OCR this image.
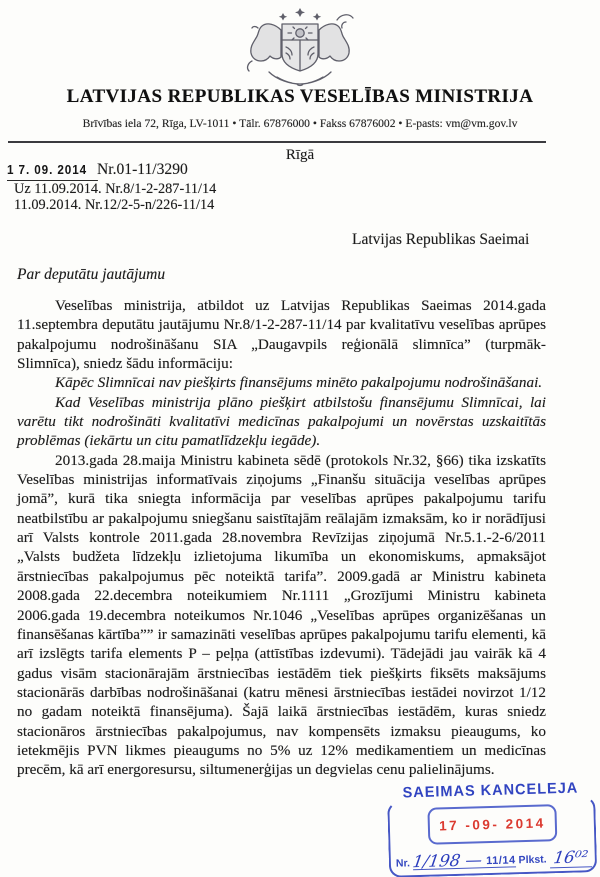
LATVIJAS REPUBLIKAS VESELĪBAS MINISTRIJA
Brīvības iela 72, Rīga, LV-1011 • Tālr. 67876000 • Fakss 67876002 • E-pasts: vm@vm.gov.lv
Rīgā
1 7. 09. 2014 Nr.01-11/3290
Uz 11.09.2014. Nr.8/1-2-287-11/14
11.09.2014. Nr.12/2-5-n/226-11/14
Latvijas Republikas Saeimai
Par deputātu jautājumu

Veselības ministrija, atbildot uz Latvijas Republikas Saeimas 2014.gada 11.septembra deputātu jautājumu Nr.8/1-2-287-11/14 par kvalitatīvu veselības aprūpes pakalpojumu nodrošināšanu SIA „Daugavpils reģionālā slimnīca” (turpmāk- Slimnīca), sniedz šādu informāciju:

Kāpēc Slimnīcai nav piešķirts finansējums minēto pakalpojumu nodrošināšanai.

Kad Veselības ministrija plāno piešķirt atbilstošu finansējumu Slimnīcai, lai varētu tikt nodrošināti kvalitatīvi medicīnas pakalpojumi un novērstas uzskaitītās problēmas (iekārtu un citu pamatlīdzekļu iegāde).

2013.gada 28.maija Ministru kabineta sēdē (protokols Nr.32, §66) tika izskatīts Veselības ministrijas informatīvais ziņojums „Finanšu situācija veselības aprūpes jomā”, kurā tika sniegta informācija par veselības aprūpes pakalpojumu tarifu neatbilstību ar pakalpojumu sniegšanu saistītajām reālajām izmaksām, ko ir norādījusi arī Valsts kontrole 2011.gada 28.novembra Revīzijas ziņojumā Nr.5.1.-2-6/2011 „Valsts budžeta līdzekļu izlietojuma likumība un ekonomiskums, apmaksājot ārstniecības pakalpojumus pēc noteiktā tarifa”. 2009.gadā ar Ministru kabineta 2008.gada 22.decembra noteikumiem Nr.1111 „Grozījumi Ministru kabineta 2006.gada 19.decembra noteikumos Nr.1046 „Veselības aprūpes organizēšanas un finansēšanas kārtība”” ir samazināti veselības aprūpes pakalpojumu tarifu elementi, kā arī izslēgts tarifa elements P – peļņa (attīstības izdevumi). Tādejādi jau vairāk kā 4 gadus visām stacionārajām ārstniecības iestādēm tiek piešķirts fiksēts maksājums stacionārās darbības nodrošināšanai (katru mēnesi ārstniecības iestādei novirzot 1/12 no gadam noteiktā finansējuma). Šajā laikā ārstniecības iestādēm, kuras sniedz stacionāros ārstniecības pakalpojumus, nav kompensēts izmaksu pieaugums, ko ietekmējis PVN likmes pieaugums no 5% uz 12% medikamentiem un medicīnas precēm, kā arī energoresursu, siltumenerģijas un degvielas cenu palielinājums.

SAEIMAS KANCELEJA
17 -09- 2014
Nr. 1/198 — 11/14 Plkst. 16⁰²
